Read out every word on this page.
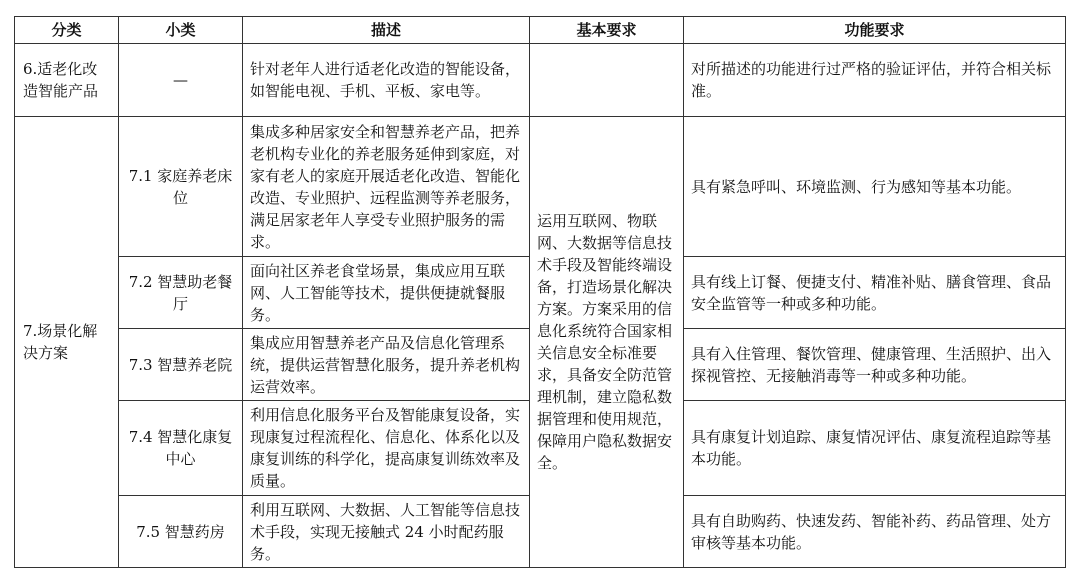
分类	小类	描述	基本要求	功能要求
6.适老化改造智能产品	—	针对老年人进行适老化改造的智能设备，如智能电视、手机、平板、家电等。		对所描述的功能进行过严格的验证评估，并符合相关标准。
7.场景化解决方案	7.1 家庭养老床位	集成多种居家安全和智慧养老产品，把养老机构专业化的养老服务延伸到家庭，对家有老人的家庭开展适老化改造、智能化改造、专业照护、远程监测等养老服务，满足居家老年人享受专业照护服务的需求。	运用互联网、物联网、大数据等信息技术手段及智能终端设备，打造场景化解决方案。方案采用的信息化系统符合国家相关信息安全标准要求，具备安全防范管理机制，建立隐私数据管理和使用规范，保障用户隐私数据安全。	具有紧急呼叫、环境监测、行为感知等基本功能。
	7.2 智慧助老餐厅	面向社区养老食堂场景，集成应用互联网、人工智能等技术，提供便捷就餐服务。		具有线上订餐、便捷支付、精准补贴、膳食管理、食品安全监管等一种或多种功能。
	7.3 智慧养老院	集成应用智慧养老产品及信息化管理系统，提供运营智慧化服务，提升养老机构运营效率。		具有入住管理、餐饮管理、健康管理、生活照护、出入探视管控、无接触消毒等一种或多种功能。
	7.4 智慧化康复中心	利用信息化服务平台及智能康复设备，实现康复过程流程化、信息化、体系化以及康复训练的科学化，提高康复训练效率及质量。		具有康复计划追踪、康复情况评估、康复流程追踪等基本功能。
	7.5 智慧药房	利用互联网、大数据、人工智能等信息技术手段，实现无接触式 24 小时配药服务。		具有自助购药、快速发药、智能补药、药品管理、处方审核等基本功能。
